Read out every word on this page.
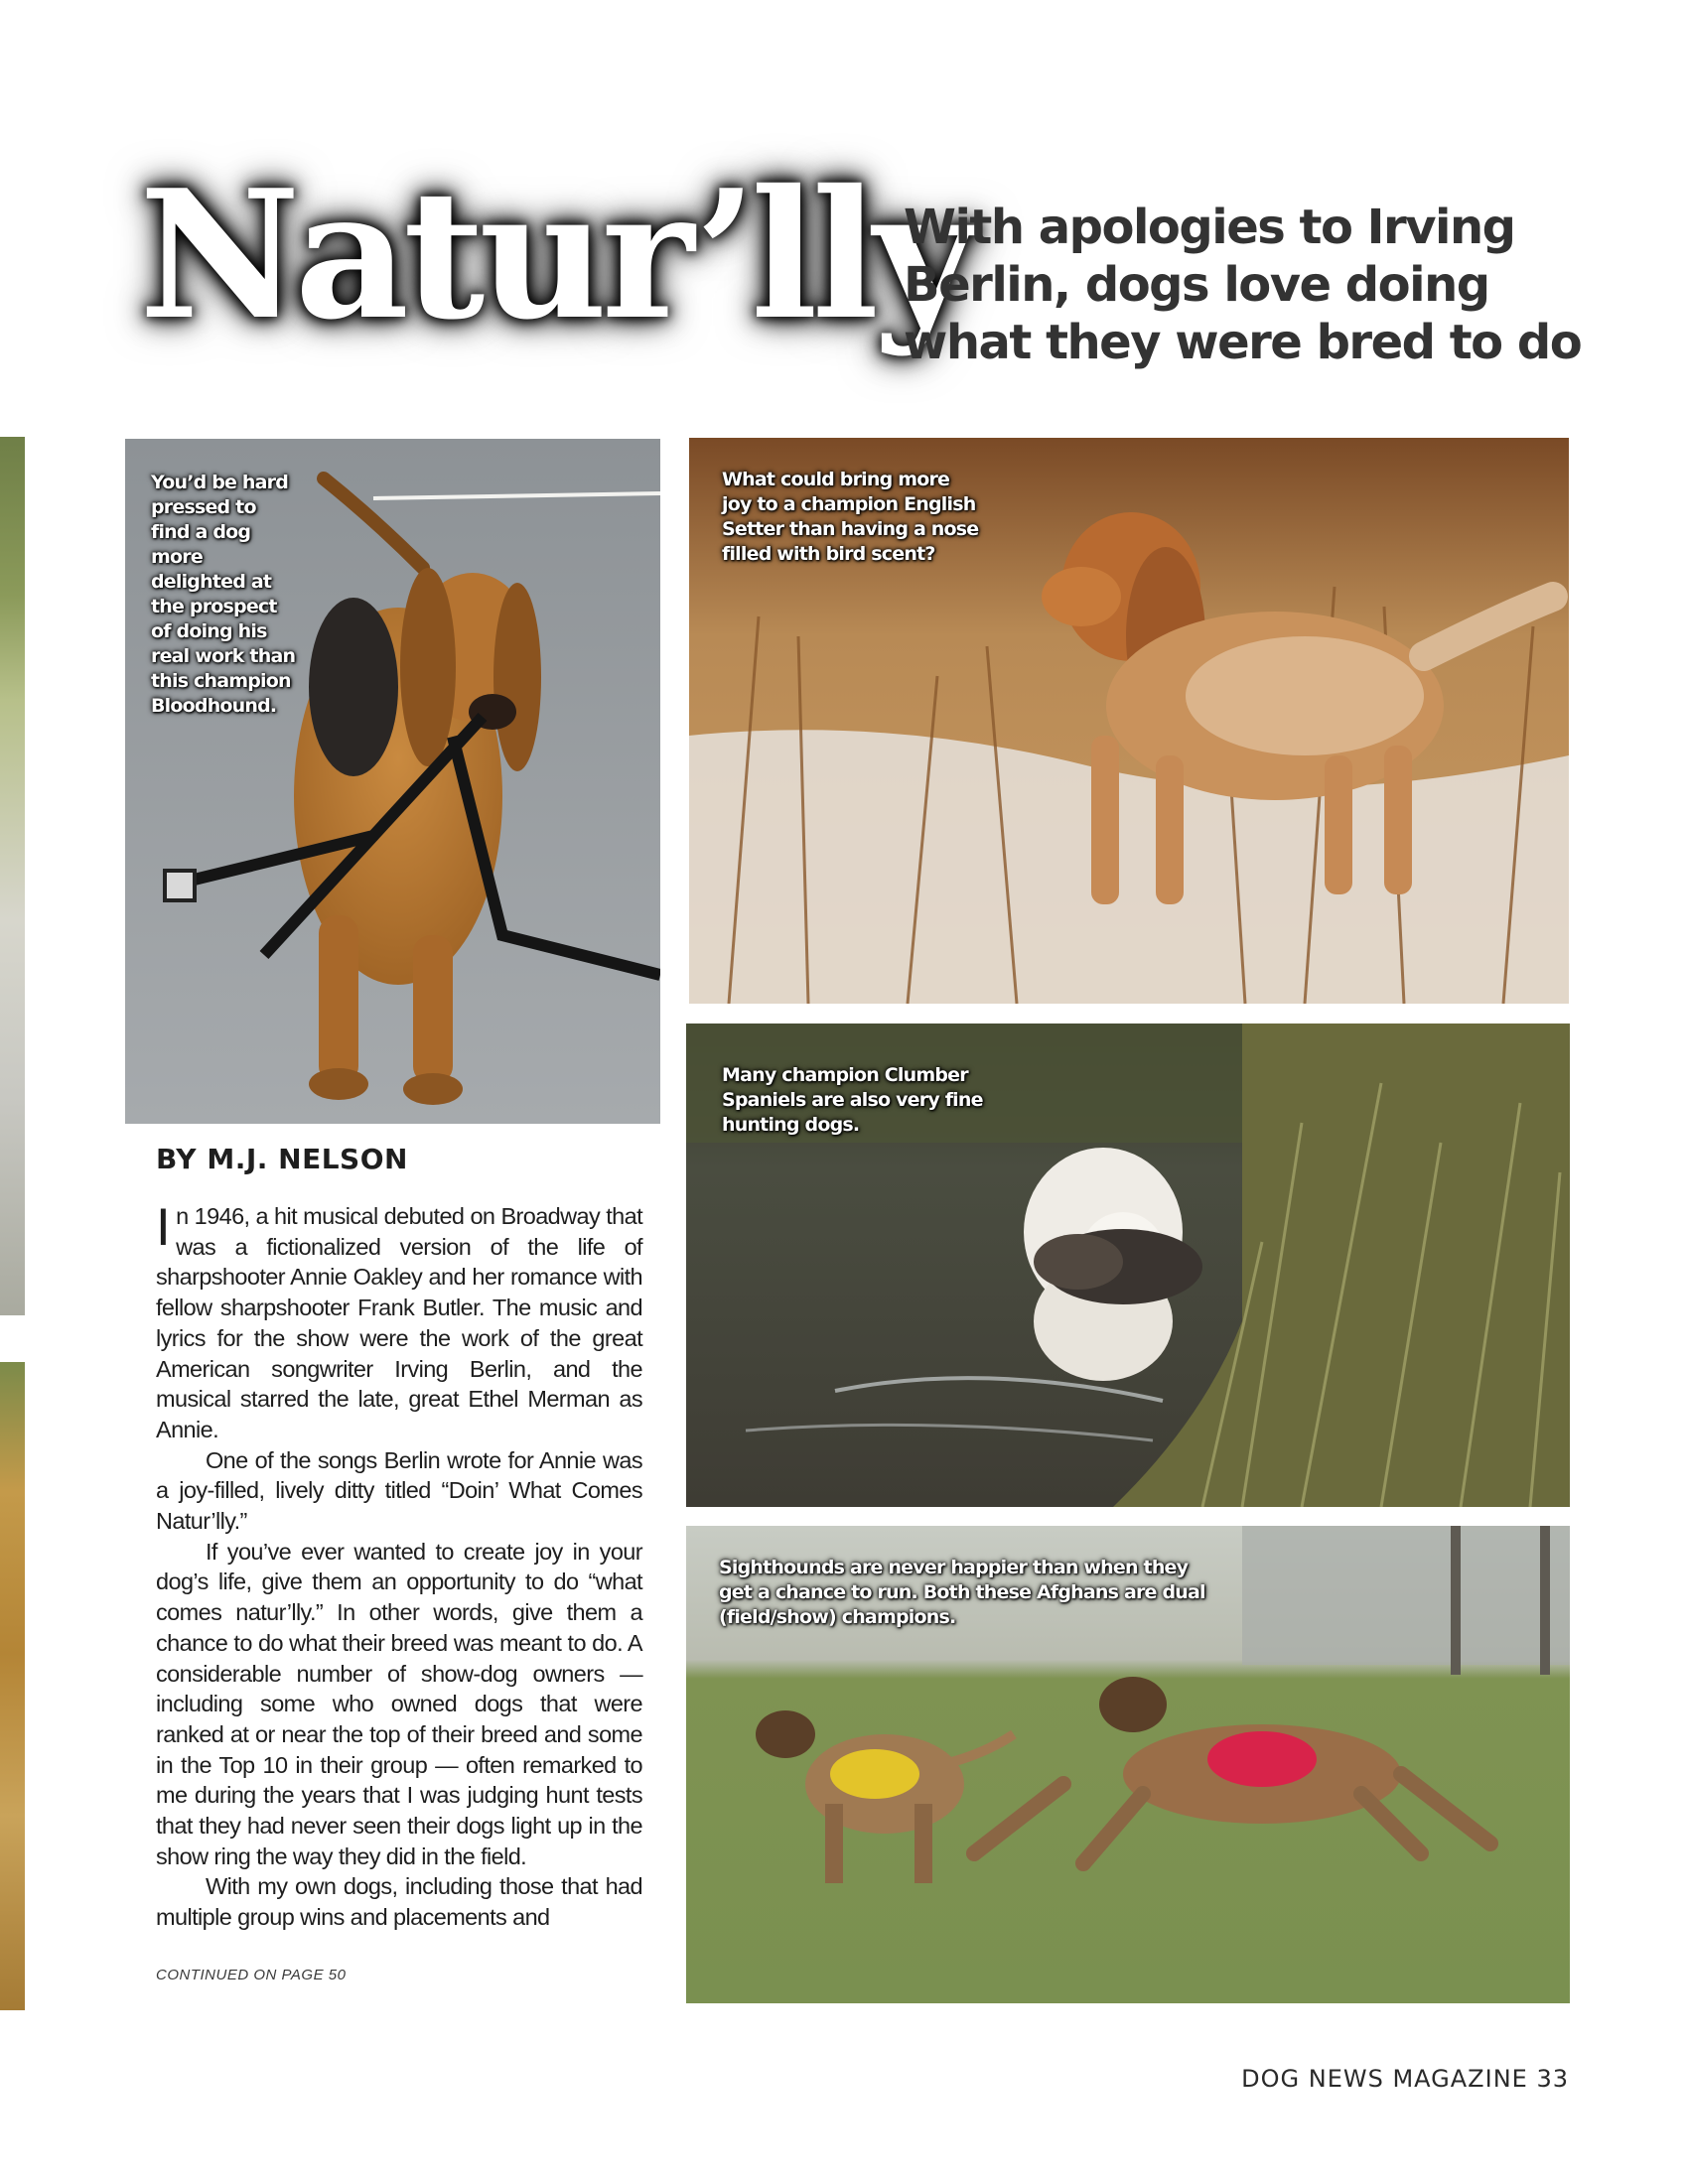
Natur’lly
With apologies to Irving Berlin, dogs love doing what they were bred to do

You’d be hard pressed to find a dog more delighted at the prospect of doing his real work than this champion Bloodhound.

What could bring more joy to a champion English Setter than having a nose filled with bird scent?

Many champion Clumber Spaniels are also very fine hunting dogs.

Sighthounds are never happier than when they get a chance to run. Both these Afghans are dual (field/show) champions.

BY M.J. NELSON

In 1946, a hit musical debuted on Broadway that was a fictionalized version of the life of sharpshooter Annie Oakley and her romance with fellow sharpshooter Frank Butler. The music and lyrics for the show were the work of the great American songwriter Irving Berlin, and the musical starred the late, great Ethel Merman as Annie.

One of the songs Berlin wrote for Annie was a joy-filled, lively ditty titled “Doin’ What Comes Natur’lly.”

If you’ve ever wanted to create joy in your dog’s life, give them an opportunity to do “what comes natur’lly.” In other words, give them a chance to do what their breed was meant to do. A considerable number of show-dog owners — including some who owned dogs that were ranked at or near the top of their breed and some in the Top 10 in their group — often remarked to me during the years that I was judging hunt tests that they had never seen their dogs light up in the show ring the way they did in the field.

With my own dogs, including those that had multiple group wins and placements and

CONTINUED ON PAGE 50

DOG NEWS MAGAZINE 33
